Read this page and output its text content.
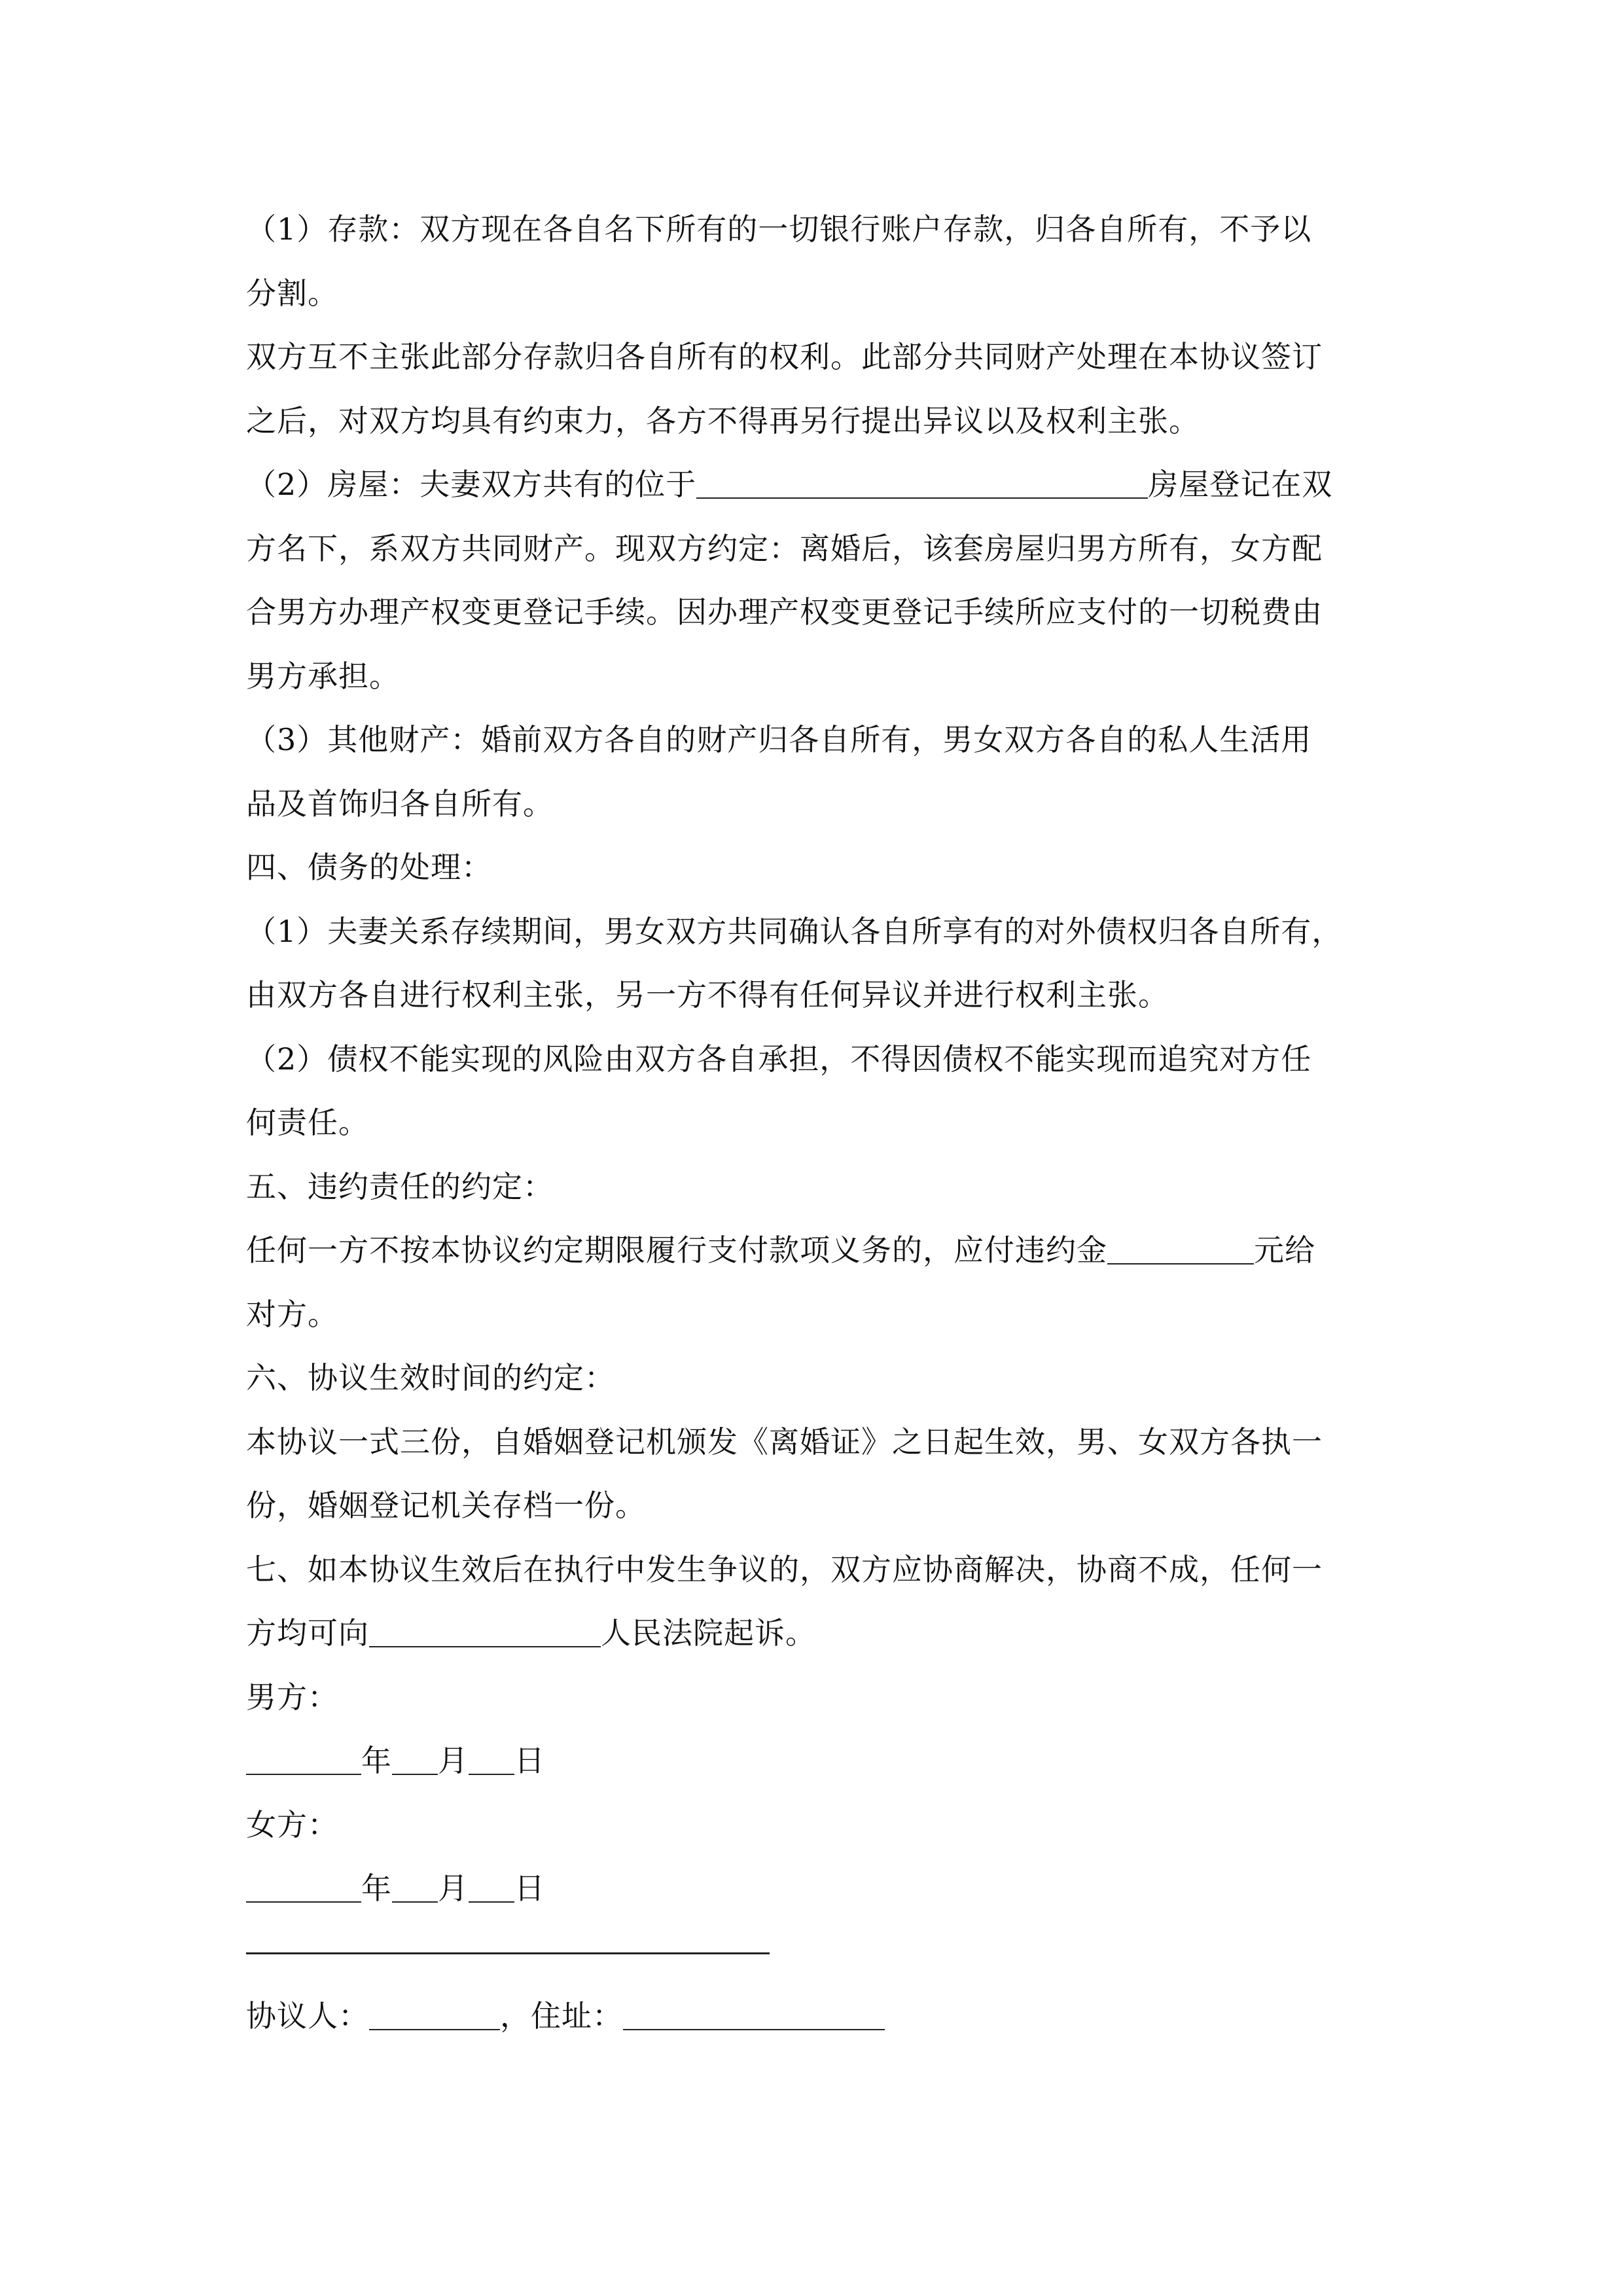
（1）存款：双方现在各自名下所有的一切银行账户存款，归各自所有，不予以
分割。
双方互不主张此部分存款归各自所有的权利。此部分共同财产处理在本协议签订
之后，对双方均具有约束力，各方不得再另行提出异议以及权利主张。
（2）房屋：夫妻双方共有的位于	房屋登记在双
方名下，系双方共同财产。现双方约定：离婚后，该套房屋归男方所有，女方配
合男方办理产权变更登记手续。因办理产权变更登记手续所应支付的一切税费由
男方承担。
（3）其他财产：婚前双方各自的财产归各自所有，男女双方各自的私人生活用
品及首饰归各自所有。
四、债务的处理：
（1）夫妻关系存续期间，男女双方共同确认各自所享有的对外债权归各自所有，
由双方各自进行权利主张，另一方不得有任何异议并进行权利主张。
（2）债权不能实现的风险由双方各自承担，不得因债权不能实现而追究对方任
何责任。
五、违约责任的约定：
任何一方不按本协议约定期限履行支付款项义务的，应付违约金	元给
对方。
六、协议生效时间的约定：
本协议一式三份，自婚姻登记机颁发《离婚证》之日起生效，男、女双方各执一
份，婚姻登记机关存档一份。
七、如本协议生效后在执行中发生争议的，双方应协商解决，协商不成，任何一
方均可向	人民法院起诉。
男方：
年 月 日
女方：
年 月 日
协议人：	，住址：
